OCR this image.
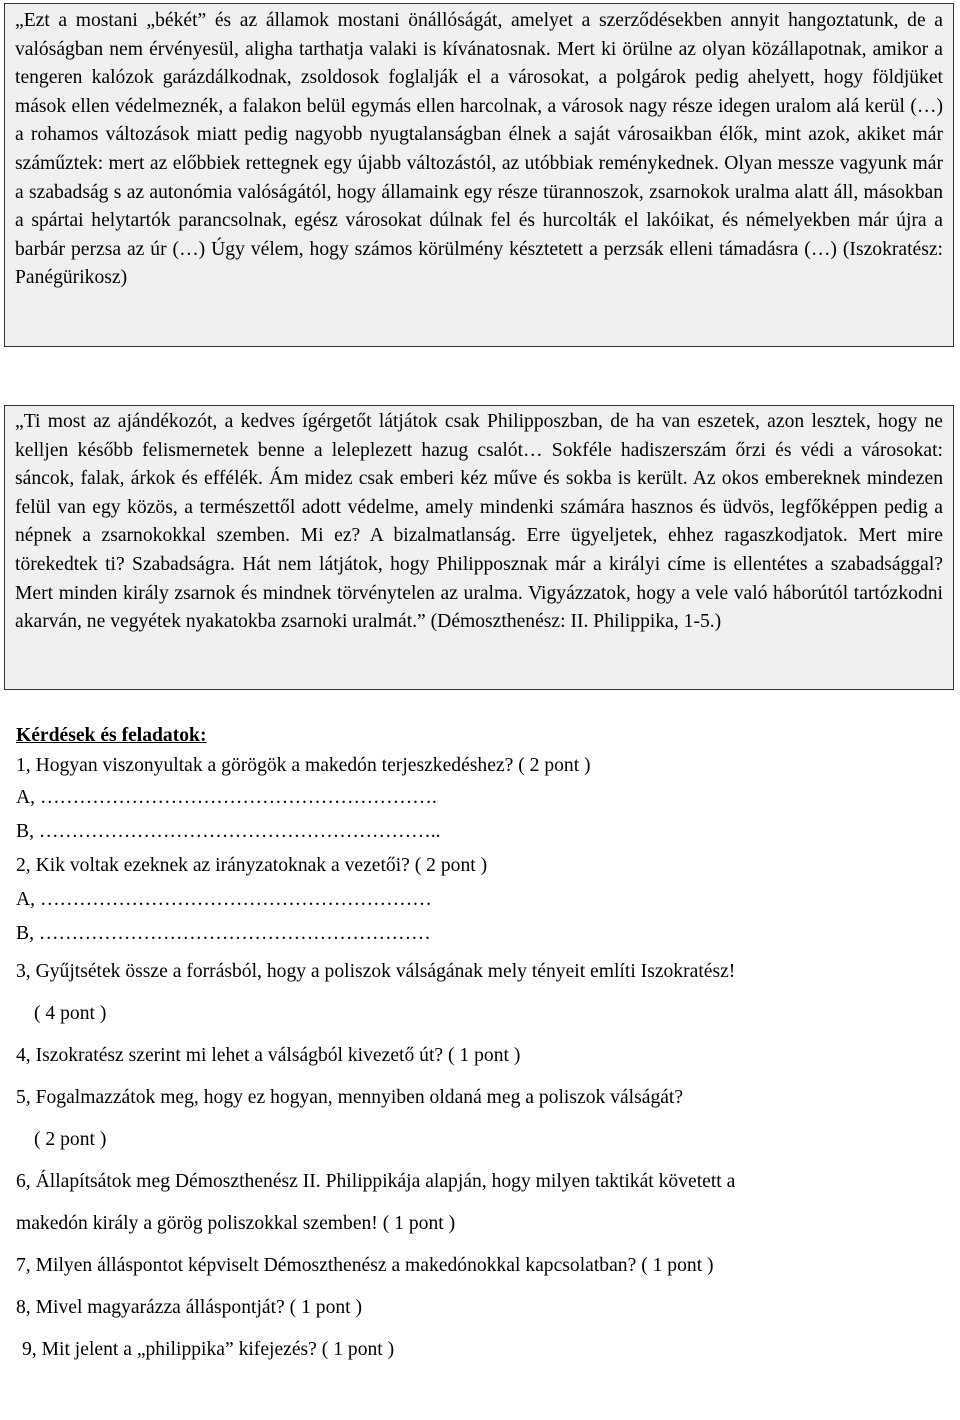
„Ezt a mostani „békét” és az államok mostani önállóságát, amelyet a szerződésekben annyit hangoztatunk, de a valóságban nem érvényesül, aligha tarthatja valaki is kívánatosnak. Mert ki örülne az olyan közállapotnak, amikor a tengeren kalózok garázdálkodnak, zsoldosok foglalják el a városokat, a polgárok pedig ahelyett, hogy földjüket mások ellen védelmeznék, a falakon belül egymás ellen harcolnak, a városok nagy része idegen uralom alá kerül (…) a rohamos változások miatt pedig nagyobb nyugtalanságban élnek a saját városaikban élők, mint azok, akiket már száműztek: mert az előbbiek rettegnek egy újabb változástól, az utóbbiak reménykednek. Olyan messze vagyunk már a szabadság s az autonómia valóságától, hogy államaink egy része türannoszok, zsarnokok uralma alatt áll, másokban a spártai helytartók parancsolnak, egész városokat dúlnak fel és hurcolták el lakóikat, és némelyekben már újra a barbár perzsa az úr (…) Úgy vélem, hogy számos körülmény késztetett a perzsák elleni támadásra (…) (Iszokratész: Panégürikosz)

„Ti most az ajándékozót, a kedves ígérgetőt látjátok csak Philipposzban, de ha van eszetek, azon lesztek, hogy ne kelljen később felismernetek benne a leleplezett hazug csalót… Sokféle hadiszerszám őrzi és védi a városokat: sáncok, falak, árkok és effélék. Ám midez csak emberi kéz műve és sokba is került. Az okos embereknek mindezen felül van egy közös, a természettől adott védelme, amely mindenki számára hasznos és üdvös, legfőképpen pedig a népnek a zsarnokokkal szemben. Mi ez? A bizalmatlanság. Erre ügyeljetek, ehhez ragaszkodjatok. Mert mire törekedtek ti? Szabadságra. Hát nem látjátok, hogy Philipposznak már a királyi címe is ellentétes a szabadsággal? Mert minden király zsarnok és mindnek törvénytelen az uralma. Vigyázzatok, hogy a vele való háborútól tartózkodni akarván, ne vegyétek nyakatokba zsarnoki uralmát.” (Démoszthenész: II. Philippika, 1-5.)

Kérdések és feladatok:
1, Hogyan viszonyultak a görögök a makedón terjeszkedéshez? ( 2 pont )
A, …………………………………………………….
B, ……………………………………………………..
2, Kik voltak ezeknek az irányzatoknak a vezetői? ( 2 pont )
A, ……………………………………………………
B, ……………………………………………………
3, Gyűjtsétek össze a forrásból, hogy a poliszok válságának mely tényeit említi Iszokratész!
( 4 pont )
4, Iszokratész szerint mi lehet a válságból kivezető út? ( 1 pont )
5, Fogalmazzátok meg, hogy ez hogyan, mennyiben oldaná meg a poliszok válságát?
( 2 pont )
6, Állapítsátok meg Démoszthenész II. Philippikája alapján, hogy milyen taktikát követett a
makedón király a görög poliszokkal szemben! ( 1 pont )
7, Milyen álláspontot képviselt Démoszthenész a makedónokkal kapcsolatban? ( 1 pont )
8, Mivel magyarázza álláspontját? ( 1 pont )
9, Mit jelent a „philippika” kifejezés? ( 1 pont )
